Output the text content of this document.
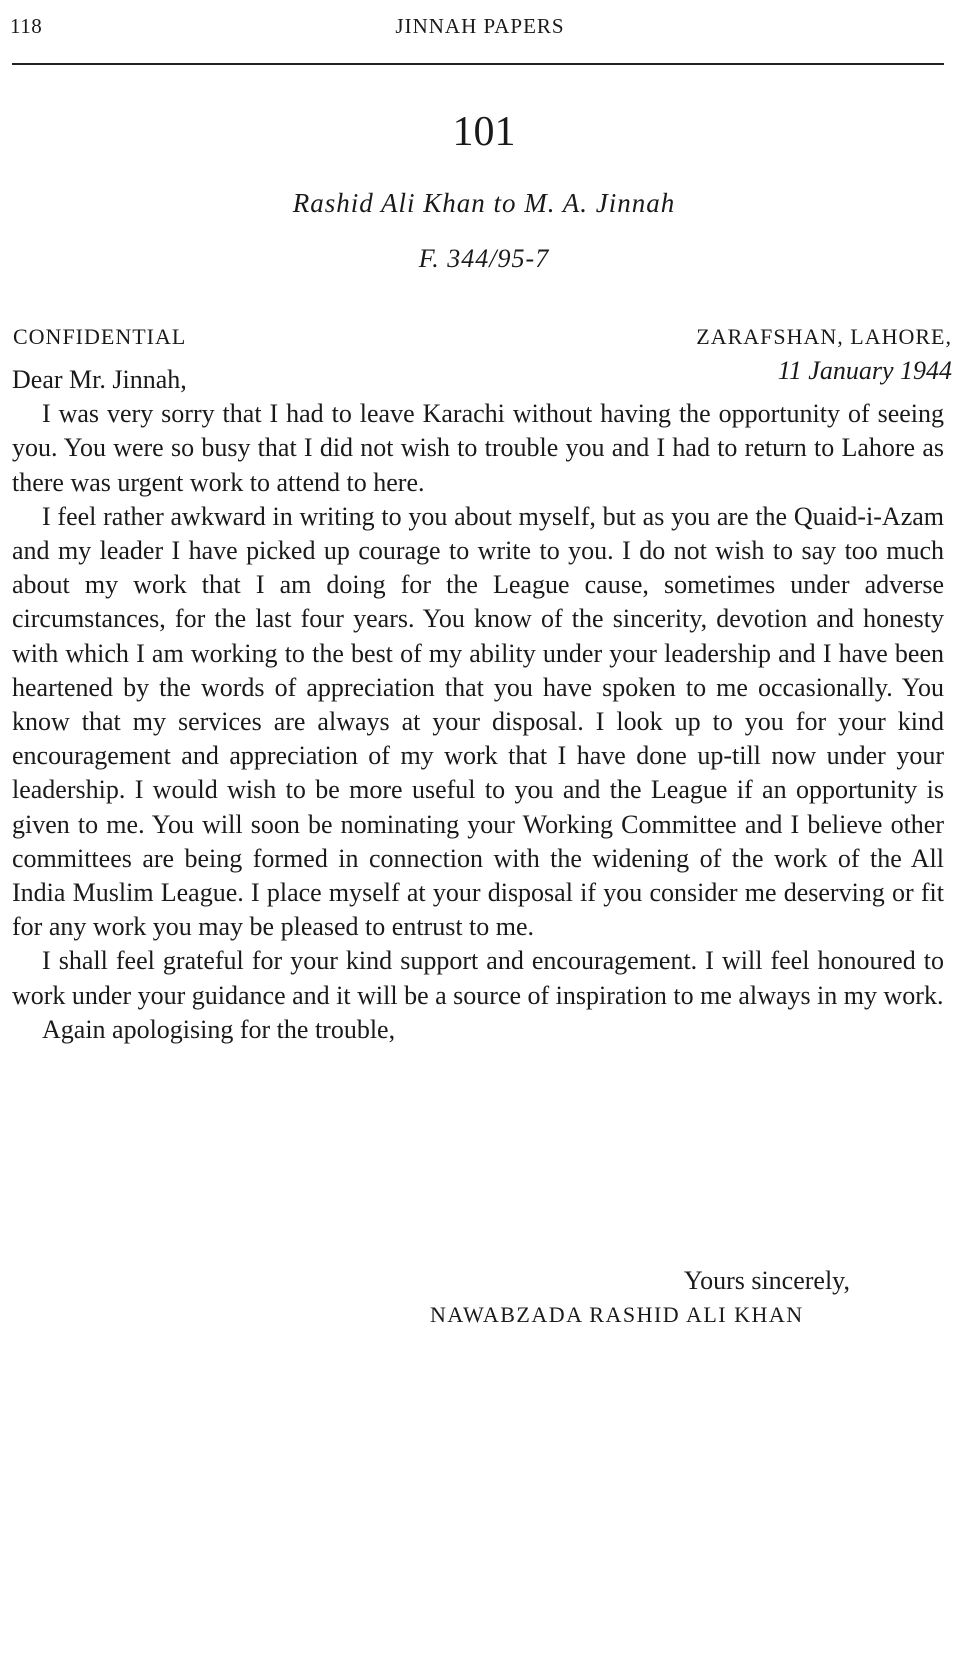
118	JINNAH PAPERS
101
Rashid Ali Khan to M. A. Jinnah
F. 344/95-7
CONFIDENTIAL	ZARAFSHAN, LAHORE,
11 January 1944

Dear Mr. Jinnah,

I was very sorry that I had to leave Karachi without having the opportunity of seeing you. You were so busy that I did not wish to trouble you and I had to return to Lahore as there was urgent work to attend to here.

I feel rather awkward in writing to you about myself, but as you are the Quaid-i-Azam and my leader I have picked up courage to write to you. I do not wish to say too much about my work that I am doing for the League cause, sometimes under adverse circumstances, for the last four years. You know of the sincerity, devotion and honesty with which I am working to the best of my ability under your leadership and I have been heartened by the words of appreciation that you have spoken to me occasionally. You know that my services are always at your disposal. I look up to you for your kind encouragement and appreciation of my work that I have done up-till now under your leadership. I would wish to be more useful to you and the League if an opportunity is given to me. You will soon be nominating your Working Committee and I believe other committees are being formed in connection with the widening of the work of the All India Muslim League. I place myself at your disposal if you consider me deserving or fit for any work you may be pleased to entrust to me.

I shall feel grateful for your kind support and encouragement. I will feel honoured to work under your guidance and it will be a source of inspiration to me always in my work.

Again apologising for the trouble,

Yours sincerely,
NAWABZADA RASHID ALI KHAN
